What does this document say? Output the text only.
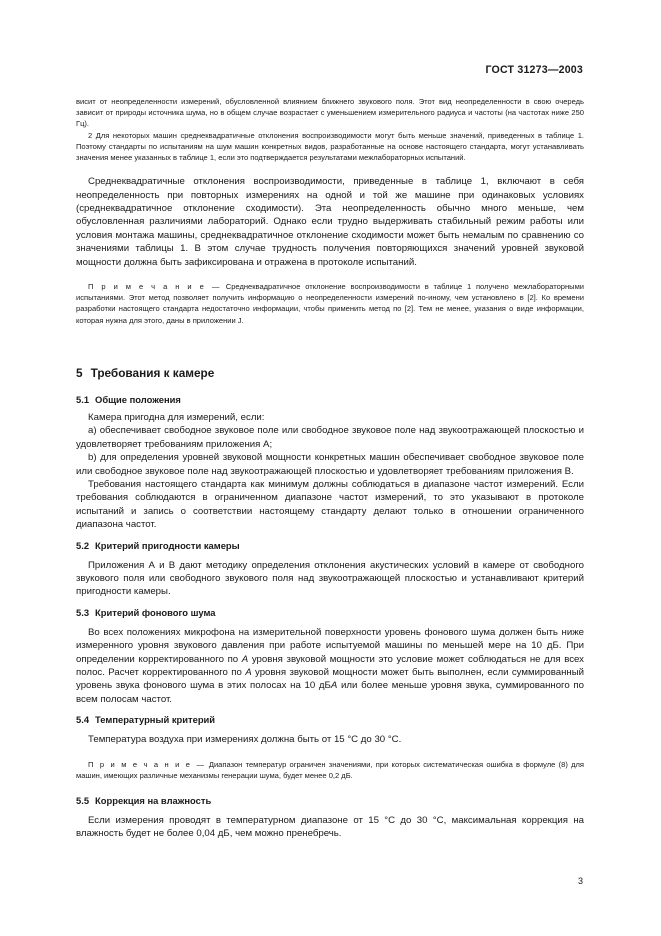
ГОСТ 31273—2003

висит от неопределенности измерений, обусловленной влиянием ближнего звукового поля. Этот вид неопределенности в свою очередь зависит от природы источника шума, но в общем случае возрастает с уменьшением измерительного радиуса и частоты (на частотах ниже 250 Гц).

2 Для некоторых машин среднеквадратичные отклонения воспроизводимости могут быть меньше значений, приведенных в таблице 1. Поэтому стандарты по испытаниям на шум машин конкретных видов, разработанные на основе настоящего стандарта, могут устанавливать значения менее указанных в таблице 1, если это подтверждается результатами межлабораторных испытаний.

Среднеквадратичные отклонения воспроизводимости, приведенные в таблице 1, включают в себя неопределенность при повторных измерениях на одной и той же машине при одинаковых условиях (среднеквадратичное отклонение сходимости). Эта неопределенность обычно много меньше, чем обусловленная различиями лабораторий. Однако если трудно выдерживать стабильный режим работы или условия монтажа машины, среднеквадратичное отклонение сходимости может быть немалым по сравнению со значениями таблицы 1. В этом случае трудность получения повторяющихся значений уровней звуковой мощности должна быть зафиксирована и отражена в протоколе испытаний.

П р и м е ч а н и е — Среднеквадратичное отклонение воспроизводимости в таблице 1 получено межлабораторными испытаниями. Этот метод позволяет получить информацию о неопределенности измерений по-иному, чем установлено в [2]. Ко времени разработки настоящего стандарта недостаточно информации, чтобы применить метод по [2]. Тем не менее, указания о виде информации, которая нужна для этого, даны в приложении J.

5 Требования к камере
5.1 Общие положения

Камера пригодна для измерений, если:

а) обеспечивает свободное звуковое поле или свободное звуковое поле над звукоотражающей плоскостью и удовлетворяет требованиям приложения А;

b) для определения уровней звуковой мощности конкретных машин обеспечивает свободное звуковое поле или свободное звуковое поле над звукоотражающей плоскостью и удовлетворяет требованиям приложения В.

Требования настоящего стандарта как минимум должны соблюдаться в диапазоне частот измерений. Если требования соблюдаются в ограниченном диапазоне частот измерений, то это указывают в протоколе испытаний и запись о соответствии настоящему стандарту делают только в отношении ограниченного диапазона частот.

5.2 Критерий пригодности камеры

Приложения А и В дают методику определения отклонения акустических условий в камере от свободного звукового поля или свободного звукового поля над звукоотражающей плоскостью и устанавливают критерий пригодности камеры.

5.3 Критерий фонового шума

Во всех положениях микрофона на измерительной поверхности уровень фонового шума должен быть ниже измеренного уровня звукового давления при работе испытуемой машины по меньшей мере на 10 дБ. При определении корректированного по А уровня звуковой мощности это условие может соблюдаться не для всех полос. Расчет корректированного по А уровня звуковой мощности может быть выполнен, если суммированный уровень звука фонового шума в этих полосах на 10 дБА или более меньше уровня звука, суммированного по всем полосам частот.

5.4 Температурный критерий

Температура воздуха при измерениях должна быть от 15 °С до 30 °С.

П р и м е ч а н и е — Диапазон температур ограничен значениями, при которых систематическая ошибка в формуле (8) для машин, имеющих различные механизмы генерации шума, будет менее 0,2 дБ.

5.5 Коррекция на влажность

Если измерения проводят в температурном диапазоне от 15 °С до 30 °С, максимальная коррекция на влажность будет не более 0,04 дБ, чем можно пренебречь.

3
